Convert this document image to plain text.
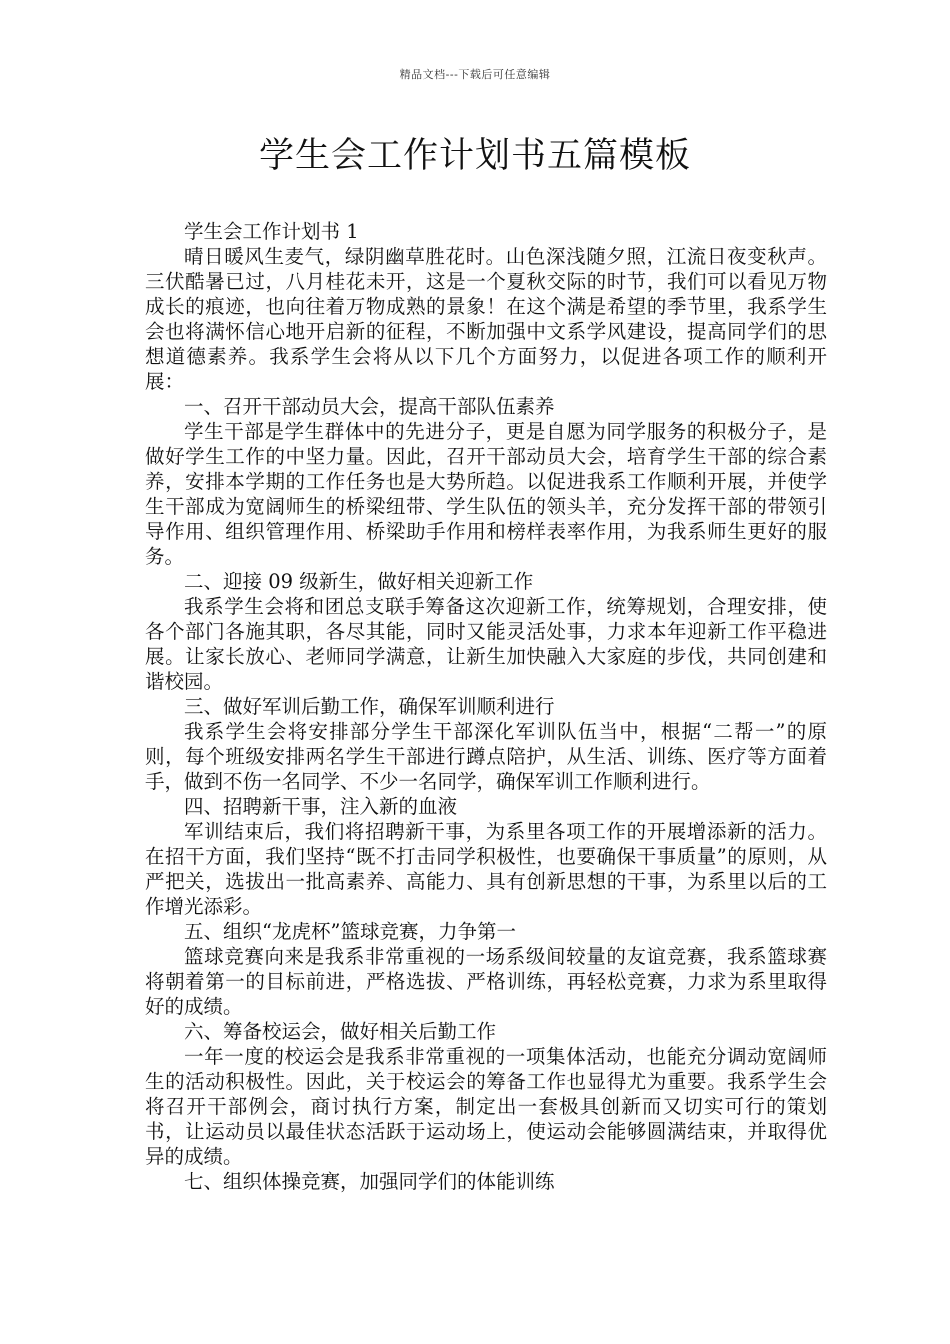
精品文档---下载后可任意编辑
学生会工作计划书五篇模板

学生会工作计划书 1

晴日暖风生麦气，绿阴幽草胜花时。山色深浅随夕照，江流日夜变秋声。三伏酷暑已过，八月桂花未开，这是一个夏秋交际的时节，我们可以看见万物成长的痕迹，也向往着万物成熟的景象！在这个满是希望的季节里，我系学生会也将满怀信心地开启新的征程，不断加强中文系学风建设，提高同学们的思想道德素养。我系学生会将从以下几个方面努力，以促进各项工作的顺利开展：

一、召开干部动员大会，提高干部队伍素养

学生干部是学生群体中的先进分子，更是自愿为同学服务的积极分子，是做好学生工作的中坚力量。因此，召开干部动员大会，培育学生干部的综合素养，安排本学期的工作任务也是大势所趋。以促进我系工作顺利开展，并使学生干部成为宽阔师生的桥梁纽带、学生队伍的领头羊，充分发挥干部的带领引导作用、组织管理作用、桥梁助手作用和榜样表率作用，为我系师生更好的服务。

二、迎接 09 级新生，做好相关迎新工作

我系学生会将和团总支联手筹备这次迎新工作，统筹规划，合理安排，使各个部门各施其职，各尽其能，同时又能灵活处事，力求本年迎新工作平稳进展。让家长放心、老师同学满意，让新生加快融入大家庭的步伐，共同创建和谐校园。

三、做好军训后勤工作，确保军训顺利进行

我系学生会将安排部分学生干部深化军训队伍当中，根据“二帮一”的原则，每个班级安排两名学生干部进行蹲点陪护，从生活、训练、医疗等方面着手，做到不伤一名同学、不少一名同学，确保军训工作顺利进行。

四、招聘新干事，注入新的血液

军训结束后，我们将招聘新干事，为系里各项工作的开展增添新的活力。在招干方面，我们坚持“既不打击同学积极性，也要确保干事质量”的原则，从严把关，选拔出一批高素养、高能力、具有创新思想的干事，为系里以后的工作增光添彩。

五、组织“龙虎杯”篮球竞赛，力争第一

篮球竞赛向来是我系非常重视的一场系级间较量的友谊竞赛，我系篮球赛将朝着第一的目标前进，严格选拔、严格训练，再轻松竞赛，力求为系里取得好的成绩。

六、筹备校运会，做好相关后勤工作

一年一度的校运会是我系非常重视的一项集体活动，也能充分调动宽阔师生的活动积极性。因此，关于校运会的筹备工作也显得尤为重要。我系学生会将召开干部例会，商讨执行方案，制定出一套极具创新而又切实可行的策划书，让运动员以最佳状态活跃于运动场上，使运动会能够圆满结束，并取得优异的成绩。

七、组织体操竞赛，加强同学们的体能训练
